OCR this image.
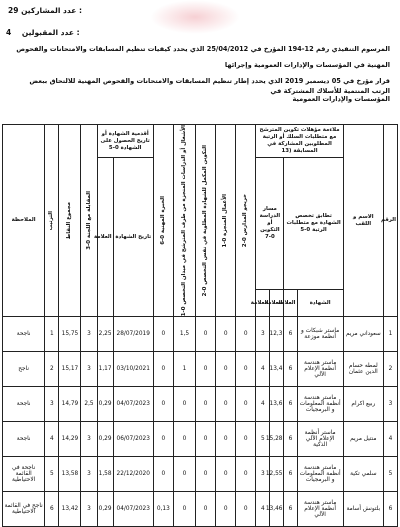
29 عدد المشاركين :
4 عدد المقبولين :
المرسوم التنفيذي رقم 12-194 المؤرخ في 25/04/2012 الذي يحدد كيفيات تنظيم المسابقات والامتحانات والفحوص
المهنية في المؤسسات والإدارات العمومية وإجرائها
قرار مؤرخ في 05 ديسمبر 2019 الذي يحدد إطار تنظيم المسابقات والامتحانات والفحوص المهنية للالتحاق ببعض الرتب المنتمية للأسلاك المشتركة في
المؤسسات والإدارات العمومية
الرقم	الاسم و اللقب	ملاءمة مؤهلات تكوين المترشح مع متطلبات السلك أو الرتبة المطلوبين المشاركة في المسابقة (13				خريجو المدارس 0-2	الأعمال المنجزة 0-1	التكوين المكمل للشهادة المطلوبة في نفس التخصص 0-2	الأشغال أو الدراسات المنجزة من طرف المترشح في ميدان التخصص 0-1	الخبرة المهنية 0-6	أقدمية الشهادة أو تاريخ الحصول على الشهادة 0-5		المقابلة مع اللجنة 0-3	مجموع النقاط	الترتيب	الملاحظة
		تطابق تخصص الشهادة مع متطلبات الرتبة 0-5		مسار الدراسة أو التكوين 0-7							تاريخ الشهادة	العلامة				
		الشهادة	العلامة	العلامة	العلامة											
1	سعوداني مريم	ماستر شبكات و أنظمة موزعة	6	12,3	3	0	0	0	1,5	0	28/07/2019	2,25	3	15,75	1	ناجحة
2	لمطه حسام الدين عثمان	ماستر هندسة أنظمة الإعلام الآلي	6	13,4	4	0	0	0	1	0	03/10/2021	1,17	3	15,17	2	ناجح
3	ربيع اكرام	ماستر هندسة أنظمة المعلومات و البرمجيات	6	13,6	4	0	0	0	0	0	04/07/2023	0,29	2,5	14,79	3	ناجحة
4	منتيل مريم	ماستر أنظمة الإعلام الآلي الذكية	6	15,28	5	0	0	0	0	0	06/07/2023	0,29	3	14,29	4	ناجحة
5	سلمي تكية	ماستر هندسة أنظمة المعلومات و البرمجيات	6	12,55	3	0	0	0	0	0	22/12/2020	1,58	3	13,58	5	ناجحة في القائمة الاحتياطية
6	بلتونش أسامة	ماستر هندسة أنظمة الإعلام الآلي	6	13,46	4	0	0	0	0	0,13	04/07/2023	0,29	3	13,42	6	ناجح في القائمة الاحتياطية
